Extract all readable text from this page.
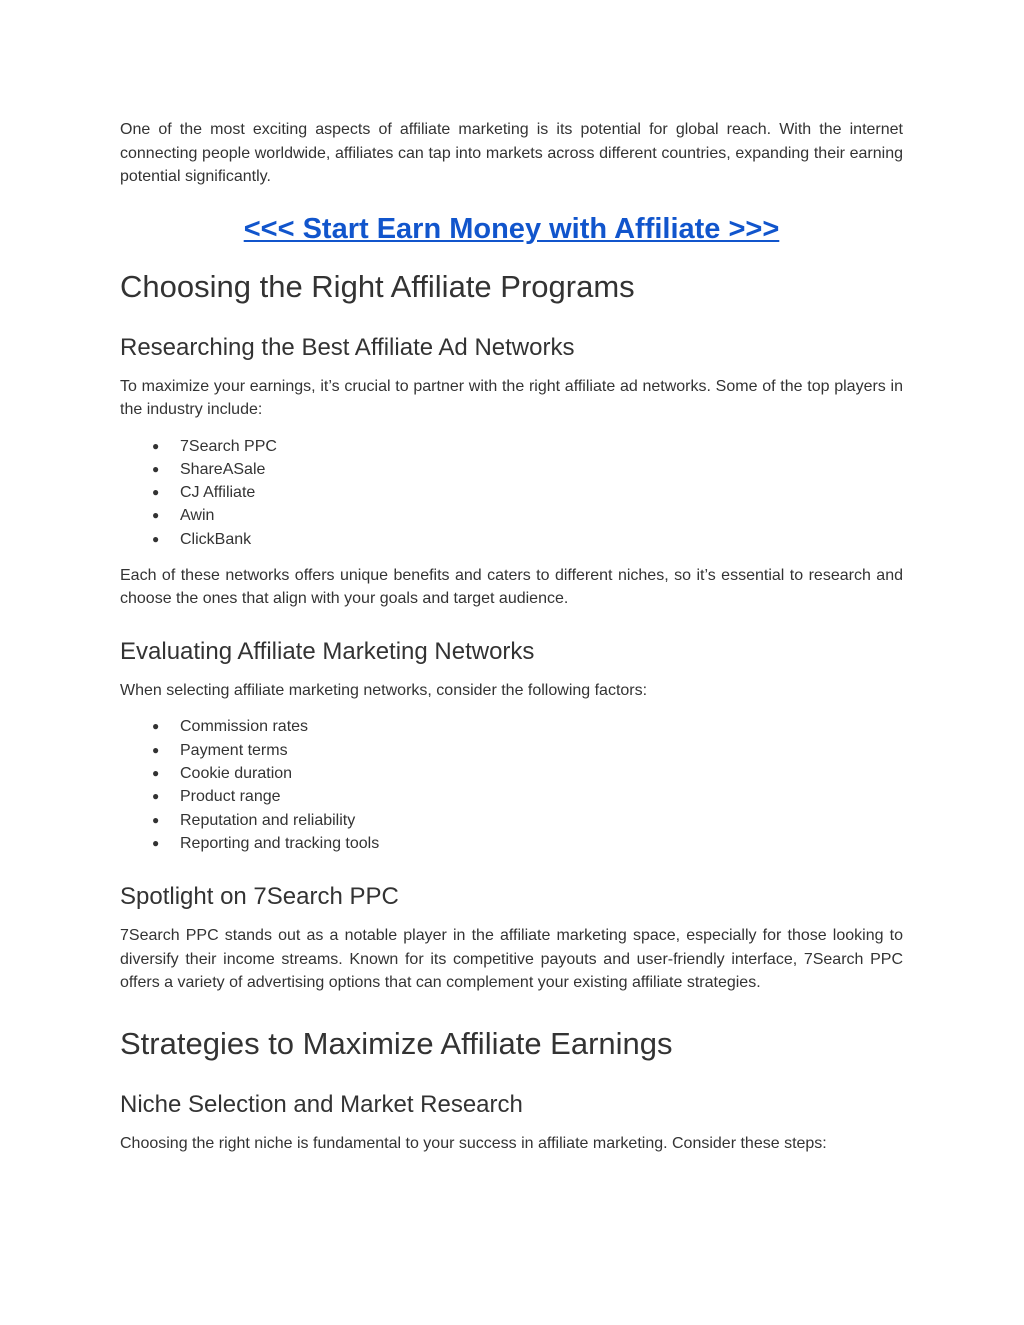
One of the most exciting aspects of affiliate marketing is its potential for global reach. With the internet connecting people worldwide, affiliates can tap into markets across different countries, expanding their earning potential significantly.

<<< Start Earn Money with Affiliate >>>
Choosing the Right Affiliate Programs
Researching the Best Affiliate Ad Networks

To maximize your earnings, it’s crucial to partner with the right affiliate ad networks. Some of the top players in the industry include:

● 7Search PPC
● ShareASale
● CJ Affiliate
● Awin
● ClickBank

Each of these networks offers unique benefits and caters to different niches, so it’s essential to research and choose the ones that align with your goals and target audience.

Evaluating Affiliate Marketing Networks

When selecting affiliate marketing networks, consider the following factors:

● Commission rates
● Payment terms
● Cookie duration
● Product range
● Reputation and reliability
● Reporting and tracking tools
Spotlight on 7Search PPC

7Search PPC stands out as a notable player in the affiliate marketing space, especially for those looking to diversify their income streams. Known for its competitive payouts and user-friendly interface, 7Search PPC offers a variety of advertising options that can complement your existing affiliate strategies.

Strategies to Maximize Affiliate Earnings
Niche Selection and Market Research

Choosing the right niche is fundamental to your success in affiliate marketing. Consider these steps:
